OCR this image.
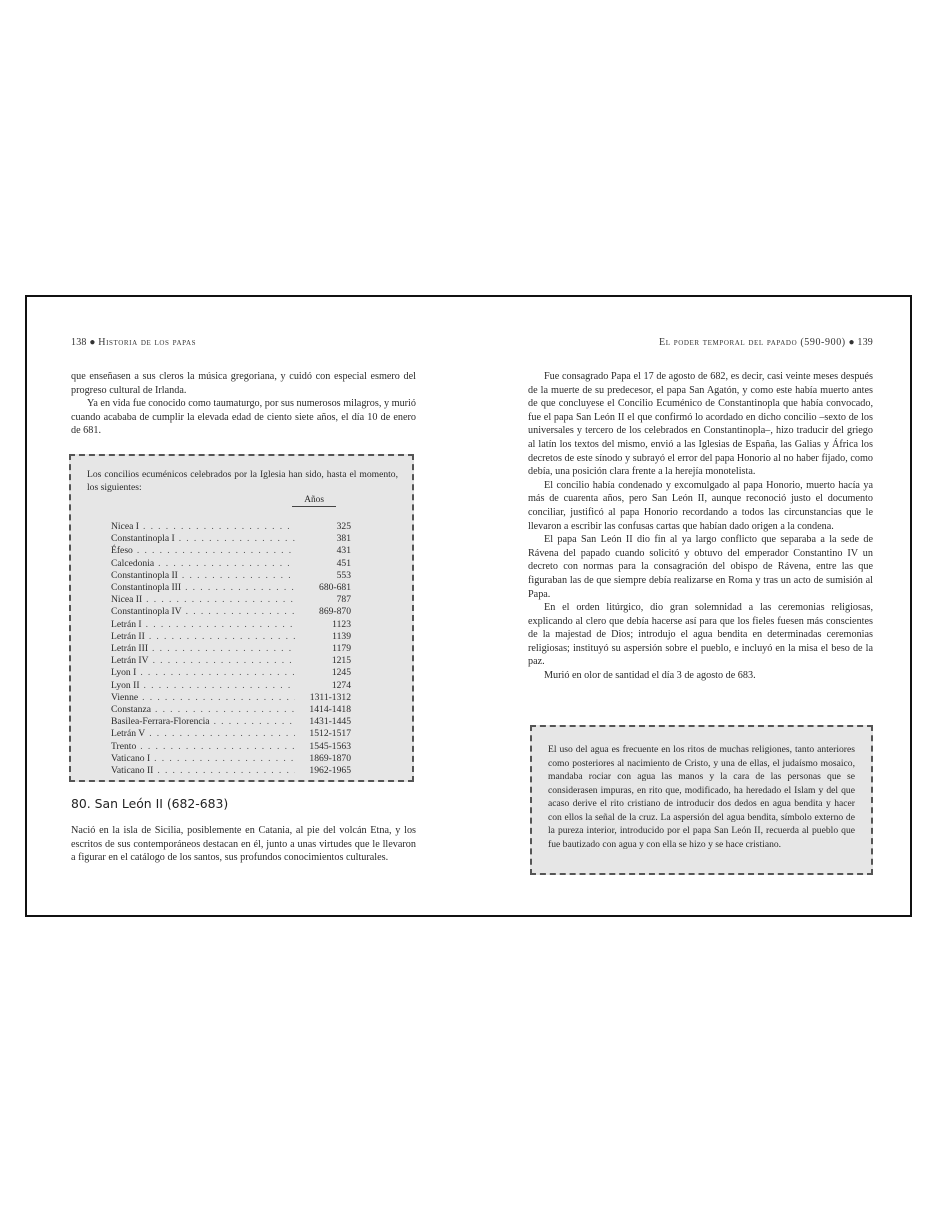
138 ● Historia de los papas

que enseñasen a sus cleros la música gregoriana, y cuidó con especial esmero del progreso cultural de Irlanda.

Ya en vida fue conocido como taumaturgo, por sus numerosos milagros, y murió cuando acababa de cumplir la elevada edad de ciento siete años, el día 10 de enero de 681.

Los concilios ecuménicos celebrados por la Iglesia han sido, hasta el momento, los siguientes:

Años

Nicea I . . .	325
Constantinopla I . . .	381
Éfeso . . .	431
Calcedonia . . .	451
Constantinopla II . . .	553
Constantinopla III . . .	680-681
Nicea II . . .	787
Constantinopla IV . . .	869-870
Letrán I . . .	1123
Letrán II . . .	1139
Letrán III . . .	1179
Letrán IV . . .	1215
Lyon I . . .	1245
Lyon II . . .	1274
Vienne . . .	1311-1312
Constanza . . .	1414-1418
Basilea-Ferrara-Florencia . . .	1431-1445
Letrán V . . .	1512-1517
Trento . . .	1545-1563
Vaticano I . . .	1869-1870
Vaticano II . . .	1962-1965
80. San León II (682-683)

Nació en la isla de Sicilia, posiblemente en Catania, al pie del volcán Etna, y los escritos de sus contemporáneos destacan en él, junto a unas virtudes que le llevaron a figurar en el catálogo de los santos, sus profundos conocimientos culturales.

El poder temporal del papado (590-900) ● 139

Fue consagrado Papa el 17 de agosto de 682, es decir, casi veinte meses después de la muerte de su predecesor, el papa San Agatón, y como este había muerto antes de que concluyese el Concilio Ecuménico de Constantinopla que había convocado, fue el papa San León II el que confirmó lo acordado en dicho concilio –sexto de los universales y tercero de los celebrados en Constantinopla–, hizo traducir del griego al latín los textos del mismo, envió a las Iglesias de España, las Galias y África los decretos de este sínodo y subrayó el error del papa Honorio al no haber fijado, como debía, una posición clara frente a la herejía monotelista.

El concilio había condenado y excomulgado al papa Honorio, muerto hacía ya más de cuarenta años, pero San León II, aunque reconoció justo el documento conciliar, justificó al papa Honorio recordando a todos las circunstancias que le llevaron a escribir las confusas cartas que habían dado origen a la condena.

El papa San León II dio fin al ya largo conflicto que separaba a la sede de Rávena del papado cuando solicitó y obtuvo del emperador Constantino IV un decreto con normas para la consagración del obispo de Rávena, entre las que figuraban las de que siempre debía realizarse en Roma y tras un acto de sumisión al Papa.

En el orden litúrgico, dio gran solemnidad a las ceremonias religiosas, explicando al clero que debía hacerse así para que los fieles fuesen más conscientes de la majestad de Dios; introdujo el agua bendita en determinadas ceremonias religiosas; instituyó su aspersión sobre el pueblo, e incluyó en la misa el beso de la paz.

Murió en olor de santidad el día 3 de agosto de 683.

El uso del agua es frecuente en los ritos de muchas religiones, tanto anteriores como posteriores al nacimiento de Cristo, y una de ellas, el judaísmo mosaico, mandaba rociar con agua las manos y la cara de las personas que se considerasen impuras, en rito que, modificado, ha heredado el Islam y del que acaso derive el rito cristiano de introducir dos dedos en agua bendita y hacer con ellos la señal de la cruz. La aspersión del agua bendita, símbolo externo de la pureza interior, introducido por el papa San León II, recuerda al pueblo que fue bautizado con agua y con ella se hizo y se hace cristiano.
